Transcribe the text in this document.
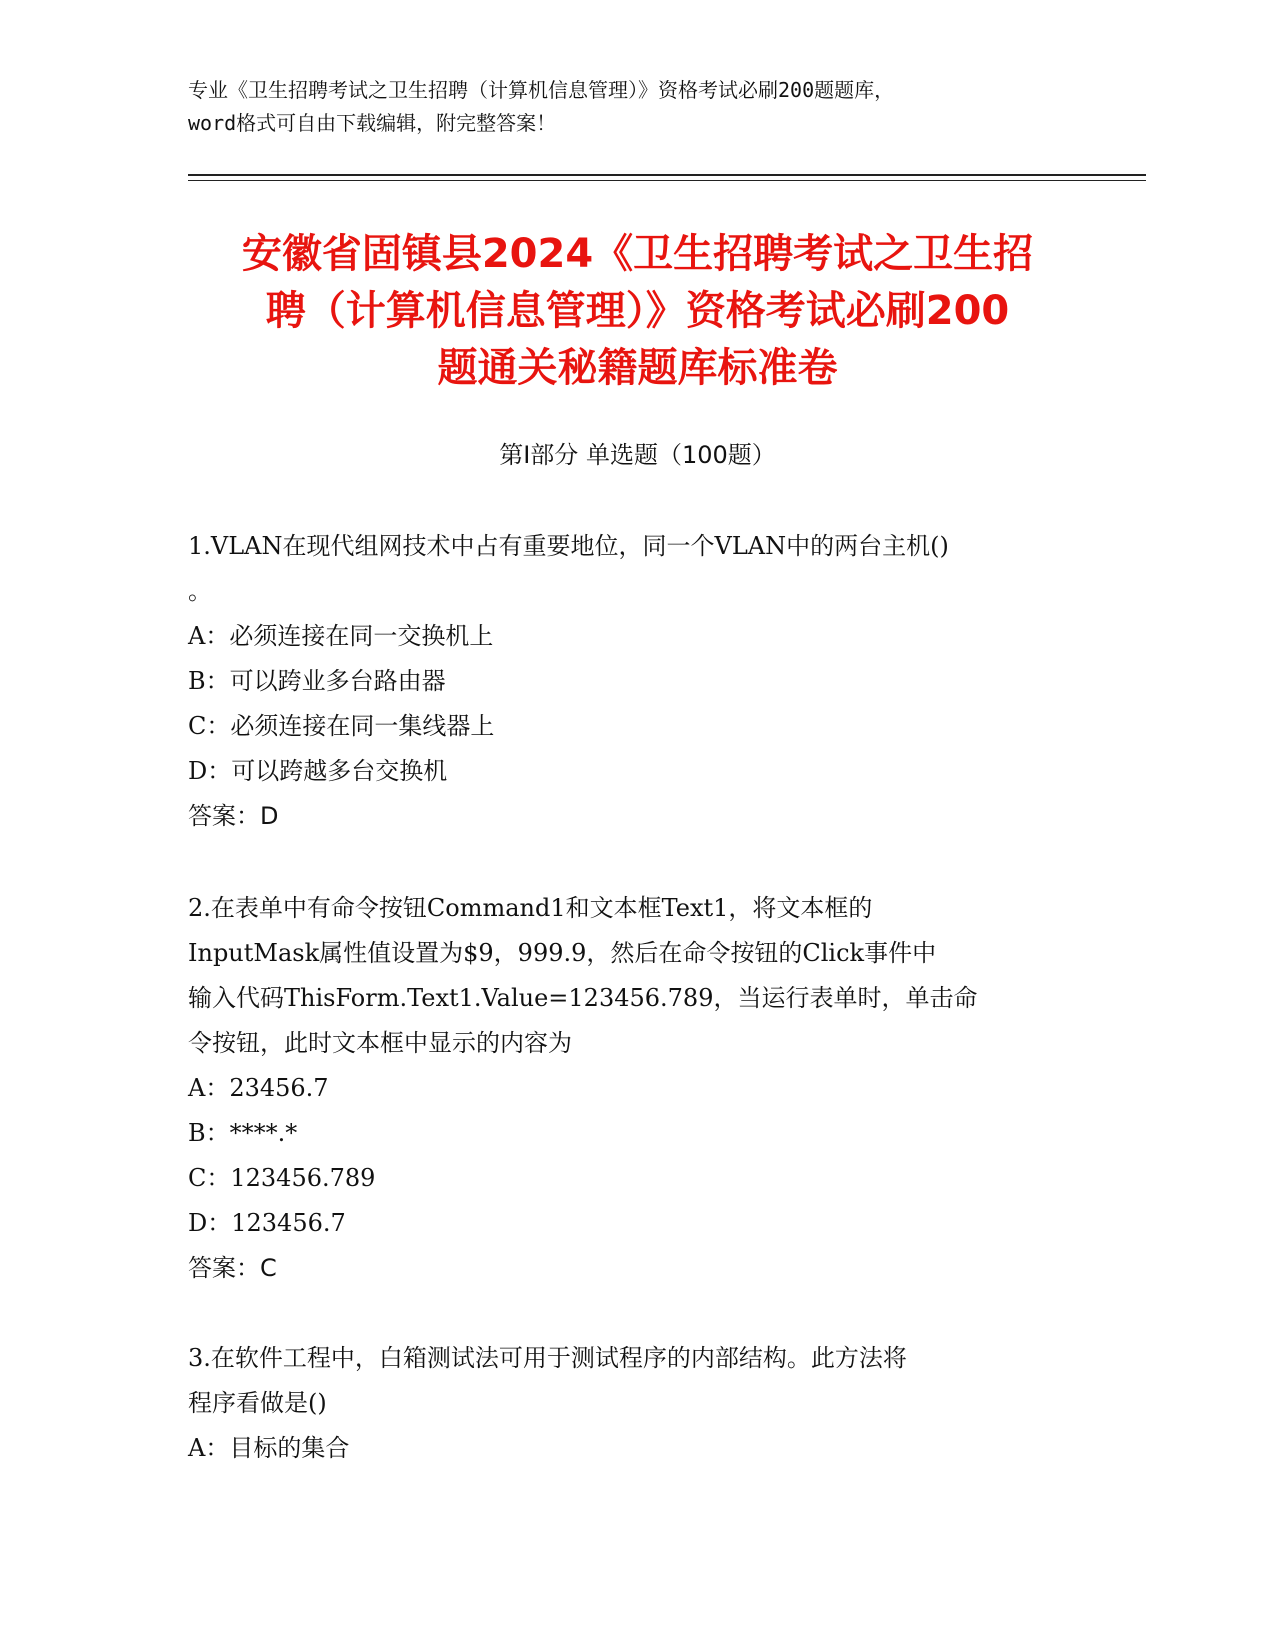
专业《卫生招聘考试之卫生招聘（计算机信息管理）》资格考试必刷200题题库，
word格式可自由下载编辑，附完整答案！
安徽省固镇县2024《卫生招聘考试之卫生招
聘（计算机信息管理）》资格考试必刷200
题通关秘籍题库标准卷
第Ⅰ部分 单选题（100题）

1.VLAN在现代组网技术中占有重要地位，同一个VLAN中的两台主机()

。

A：必须连接在同一交换机上

B：可以跨业多台路由器

C：必须连接在同一集线器上

D：可以跨越多台交换机

答案：D

2.在表单中有命令按钮Command1和文本框Text1，将文本框的

InputMask属性值设置为$9，999.9，然后在命令按钮的Click事件中

输入代码ThisForm.Text1.Value=123456.789，当运行表单时，单击命

令按钮，此时文本框中显示的内容为

A：23456.7

B：****.*

C：123456.789

D：123456.7

答案：C

3.在软件工程中，白箱测试法可用于测试程序的内部结构。此方法将

程序看做是()

A：目标的集合
